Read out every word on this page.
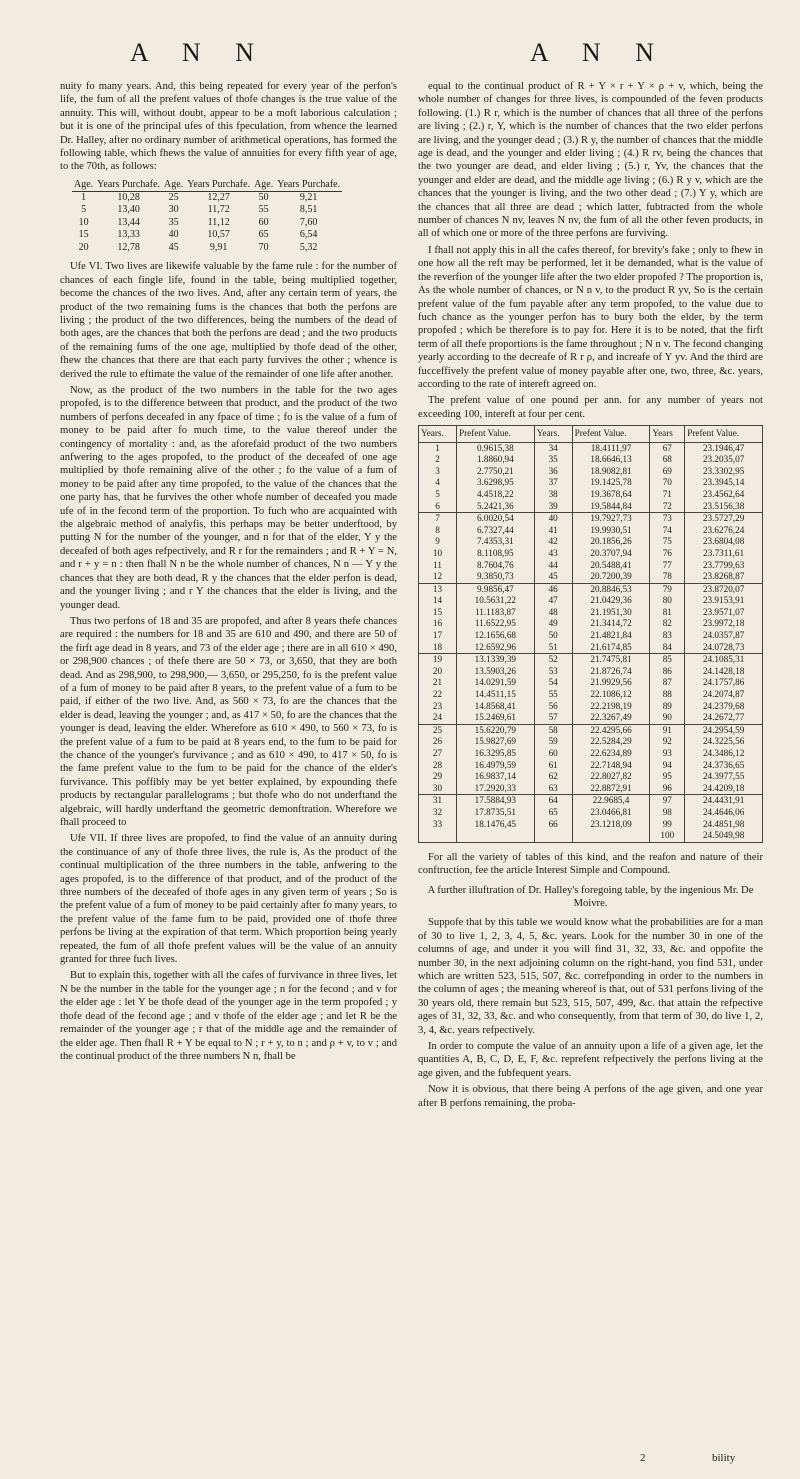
A N N	A N N

nuity fo many years. And, this being repeated for every year of the perfon's life, the fum of all the prefent values of thofe changes is the true value of the annuity. This will, without doubt, appear to be a moft laborious calculation ; but it is one of the principal ufes of this fpeculation, from whence the learned Dr. Halley, after no ordinary number of arithmetical operations, has formed the following table, which fhews the value of annuities for every fifth year of age, to the 70th, as follows:

Age.	Years Purchafe.	Age.	Years Purchafe.	Age.	Years Purchafe.
1	10,28	25	12,27	50	9,21
5	13,40	30	11,72	55	8,51
10	13,44	35	11,12	60	7,60
15	13,33	40	10,57	65	6,54
20	12,78	45	9,91	70	5,32

Ufe VI. Two lives are likewife valuable by the fame rule : for the number of chances of each fingle life, found in the table, being multiplied together, become the chances of the two lives. And, after any certain term of years, the product of the two remaining fums is the chances that both the perfons are living ; the product of the two differences, being the numbers of the dead of both ages, are the chances that both the perfons are dead ; and the two products of the remaining fums of the one age, multiplied by thofe dead of the other, fhew the chances that there are that each party furvives the other ; whence is derived the rule to eftimate the value of the remainder of one life after another.

Now, as the product of the two numbers in the table for the two ages propofed, is to the difference between that product, and the product of the two numbers of perfons deceafed in any fpace of time ; fo is the value of a fum of money to be paid after fo much time, to the value thereof under the contingency of mortality : and, as the aforefaid product of the two numbers anfwering to the ages propofed, to the product of the deceafed of one age multiplied by thofe remaining alive of the other ; fo the value of a fum of money to be paid after any time propofed, to the value of the chances that the one party has, that he furvives the other whofe number of deceafed you made ufe of in the fecond term of the proportion. To fuch who are acquainted with the algebraic method of analyfis, this perhaps may be better underftood, by putting N for the number of the younger, and n for that of the elder, Y y the deceafed of both ages refpectively, and R r for the remainders ; and R + Y = N, and r + y = n : then fhall N n be the whole number of chances, N n — Y y the chances that they are both dead, R y the chances that the elder perfon is dead, and the younger living ; and r Y the chances that the elder is living, and the younger dead.

Thus two perfons of 18 and 35 are propofed, and after 8 years thefe chances are required : the numbers for 18 and 35 are 610 and 490, and there are 50 of the firft age dead in 8 years, and 73 of the elder age ; there are in all 610 × 490, or 298,900 chances ; of thefe there are 50 × 73, or 3,650, that they are both dead. And as 298,900, to 298,900,— 3,650, or 295,250, fo is the prefent value of a fum of money to be paid after 8 years, to the prefent value of a fum to be paid, if either of the two live. And, as 560 × 73, fo are the chances that the elder is dead, leaving the younger ; and, as 417 × 50, fo are the chances that the younger is dead, leaving the elder. Wherefore as 610 × 490, to 560 × 73, fo is the prefent value of a fum to be paid at 8 years end, to the fum to be paid for the chance of the younger's furvivance ; and as 610 × 490, to 417 × 50, fo is the fame prefent value to the fum to be paid for the chance of the elder's furvivance. This poffibly may be yet better explained, by expounding thefe products by rectangular parallelograms ; but thofe who do not underftand the algebraic, will hardly underftand the geometric demonftration. Wherefore we fhall proceed to

Ufe VII. If three lives are propofed, to find the value of an annuity during the continuance of any of thofe three lives, the rule is, As the product of the continual multiplication of the three numbers in the table, anfwering to the ages propofed, is to the difference of that product, and of the product of the three numbers of the deceafed of thofe ages in any given term of years ; So is the prefent value of a fum of money to be paid certainly after fo many years, to the prefent value of the fame fum to be paid, provided one of thofe three perfons be living at the expiration of that term. Which proportion being yearly repeated, the fum of all thofe prefent values will be the value of an annuity granted for three fuch lives.

But to explain this, together with all the cafes of furvivance in three lives, let N be the number in the table for the younger age ; n for the fecond ; and v for the elder age : let Y be thofe dead of the younger age in the term propofed ; y thofe dead of the fecond age ; and v thofe of the elder age ; and let R be the remainder of the younger age ; r that of the middle age and the remainder of the elder age. Then fhall R + Y be equal to N ; r + y, to n ; and ρ + v, to v ; and the continual product of the three numbers N n, fhall be

equal to the continual product of R + Y × r + Y × ρ + v, which, being the whole number of changes for three lives, is compounded of the feven products following. (1.) R r, which is the number of chances that all three of the perfons are living ; (2.) r, Y, which is the number of chances that the two elder perfons are living, and the younger dead ; (3.) R y, the number of chances that the middle age is dead, and the younger and elder living ; (4.) R rv, being the chances that the two younger are dead, and elder living ; (5.) r, Yv, the chances that the younger and elder are dead, and the middle age living ; (6.) R y v, which are the chances that the younger is living, and the two other dead ; (7.) Y y, which are the chances that all three are dead ; which latter, fubtracted from the whole number of chances N nv, leaves N nv, the fum of all the other feven products, in all of which one or more of the three perfons are furviving.

I fhall not apply this in all the cafes thereof, for brevity's fake ; only to fhew in one how all the reft may be performed, let it be demanded, what is the value of the reverfion of the younger life after the two elder propofed ? The proportion is, As the whole number of chances, or N n v, to the product R yv, So is the certain prefent value of the fum payable after any term propofed, to the value due to fuch chance as the younger perfon has to bury both the elder, by the term propofed ; which be therefore is to pay for. Here it is to be noted, that the firft term of all thefe proportions is the fame throughout ; N n v. The fecond changing yearly according to the decreafe of R r ρ, and increafe of Y yv. And the third are fucceffively the prefent value of money payable after one, two, three, &c. years, according to the rate of intereft agreed on.

The prefent value of one pound per ann. for any number of years not exceeding 100, intereft at four per cent.

Years.	Prefent Value.	Years.	Prefent Value.	Years	Prefent Value.
1	0.9615,38	34	18.4111,97	67	23.1946,47
2	1.8860,94	35	18.6646,13	68	23.2035,07
3	2.7750,21	36	18.9082,81	69	23.3302,95
4	3.6298,95	37	19.1425,78	70	23.3945,14
5	4.4518,22	38	19.3678,64	71	23.4562,64
6	5.2421,36	39	19.5844,84	72	23.5156,38
7	6.0020,54	40	19.7927,73	73	23.5727,29
8	6.7327,44	41	19.9930,51	74	23.6276,24
9	7.4353,31	42	20.1856,26	75	23.6804,08
10	8.1108,95	43	20.3707,94	76	23.7311,61
11	8.7604,76	44	20.5488,41	77	23.7799,63
12	9.3850,73	45	20.7200,39	78	23.8268,87
13	9.9856,47	46	20.8846,53	79	23.8720,07
14	10.5631,22	47	21.0429,36	80	23.9153,91
15	11.1183,87	48	21.1951,30	81	23.9571,07
16	11.6522,95	49	21.3414,72	82	23.9972,18
17	12.1656,68	50	21.4821,84	83	24.0357,87
18	12.6592,96	51	21.6174,85	84	24.0728,73
19	13.1339,39	52	21.7475,81	85	24.1085,31
20	13.5903,26	53	21.8726,74	86	24.1428,18
21	14.0291,59	54	21.9929,56	87	24.1757,86
22	14.4511,15	55	22.1086,12	88	24.2074,87
23	14.8568,41	56	22.2198,19	89	24.2379,68
24	15.2469,61	57	22.3267,49	90	24.2672,77
25	15.6220,79	58	22.4295,66	91	24.2954,59
26	15.9827,69	59	22.5284,29	92	24.3225,56
27	16.3295,85	60	22.6234,89	93	24.3486,12
28	16.4979,59	61	22.7148,94	94	24.3736,65
29	16.9837,14	62	22.8027,82	95	24.3977,55
30	17.2920,33	63	22.8872,91	96	24.4209,18
31	17.5884,93	64	22.9685,4	97	24.4431,91
32	17.8735,51	65	23.0466,81	98	24.4646,06
33	18.1476,45	66	23.1218,09	99	24.4851,98
				100	24.5049,98

For all the variety of tables of this kind, and the reafon and nature of their conftruction, fee the article Interest Simple and Compound.

A further illuftration of Dr. Halley's foregoing table, by the ingenious Mr. De Moivre.

Suppofe that by this table we would know what the probabilities are for a man of 30 to live 1, 2, 3, 4, 5, &c. years. Look for the number 30 in one of the columns of age, and under it you will find 31, 32, 33, &c. and oppofite the number 30, in the next adjoining column on the right-hand, you find 531, under which are written 523, 515, 507, &c. correfponding in order to the numbers in the column of ages ; the meaning whereof is that, out of 531 perfons living of the 30 years old, there remain but 523, 515, 507, 499, &c. that attain the refpective ages of 31, 32, 33, &c. and who consequently, from that term of 30, do live 1, 2, 3, 4, &c. years refpectively.

In order to compute the value of an annuity upon a life of a given age, let the quantities A, B, C, D, E, F, &c. reprefent refpectively the perfons living at the age given, and the fubfequent years.

Now it is obvious, that there being A perfons of the age given, and one year after B perfons remaining, the proba-

2	bility
